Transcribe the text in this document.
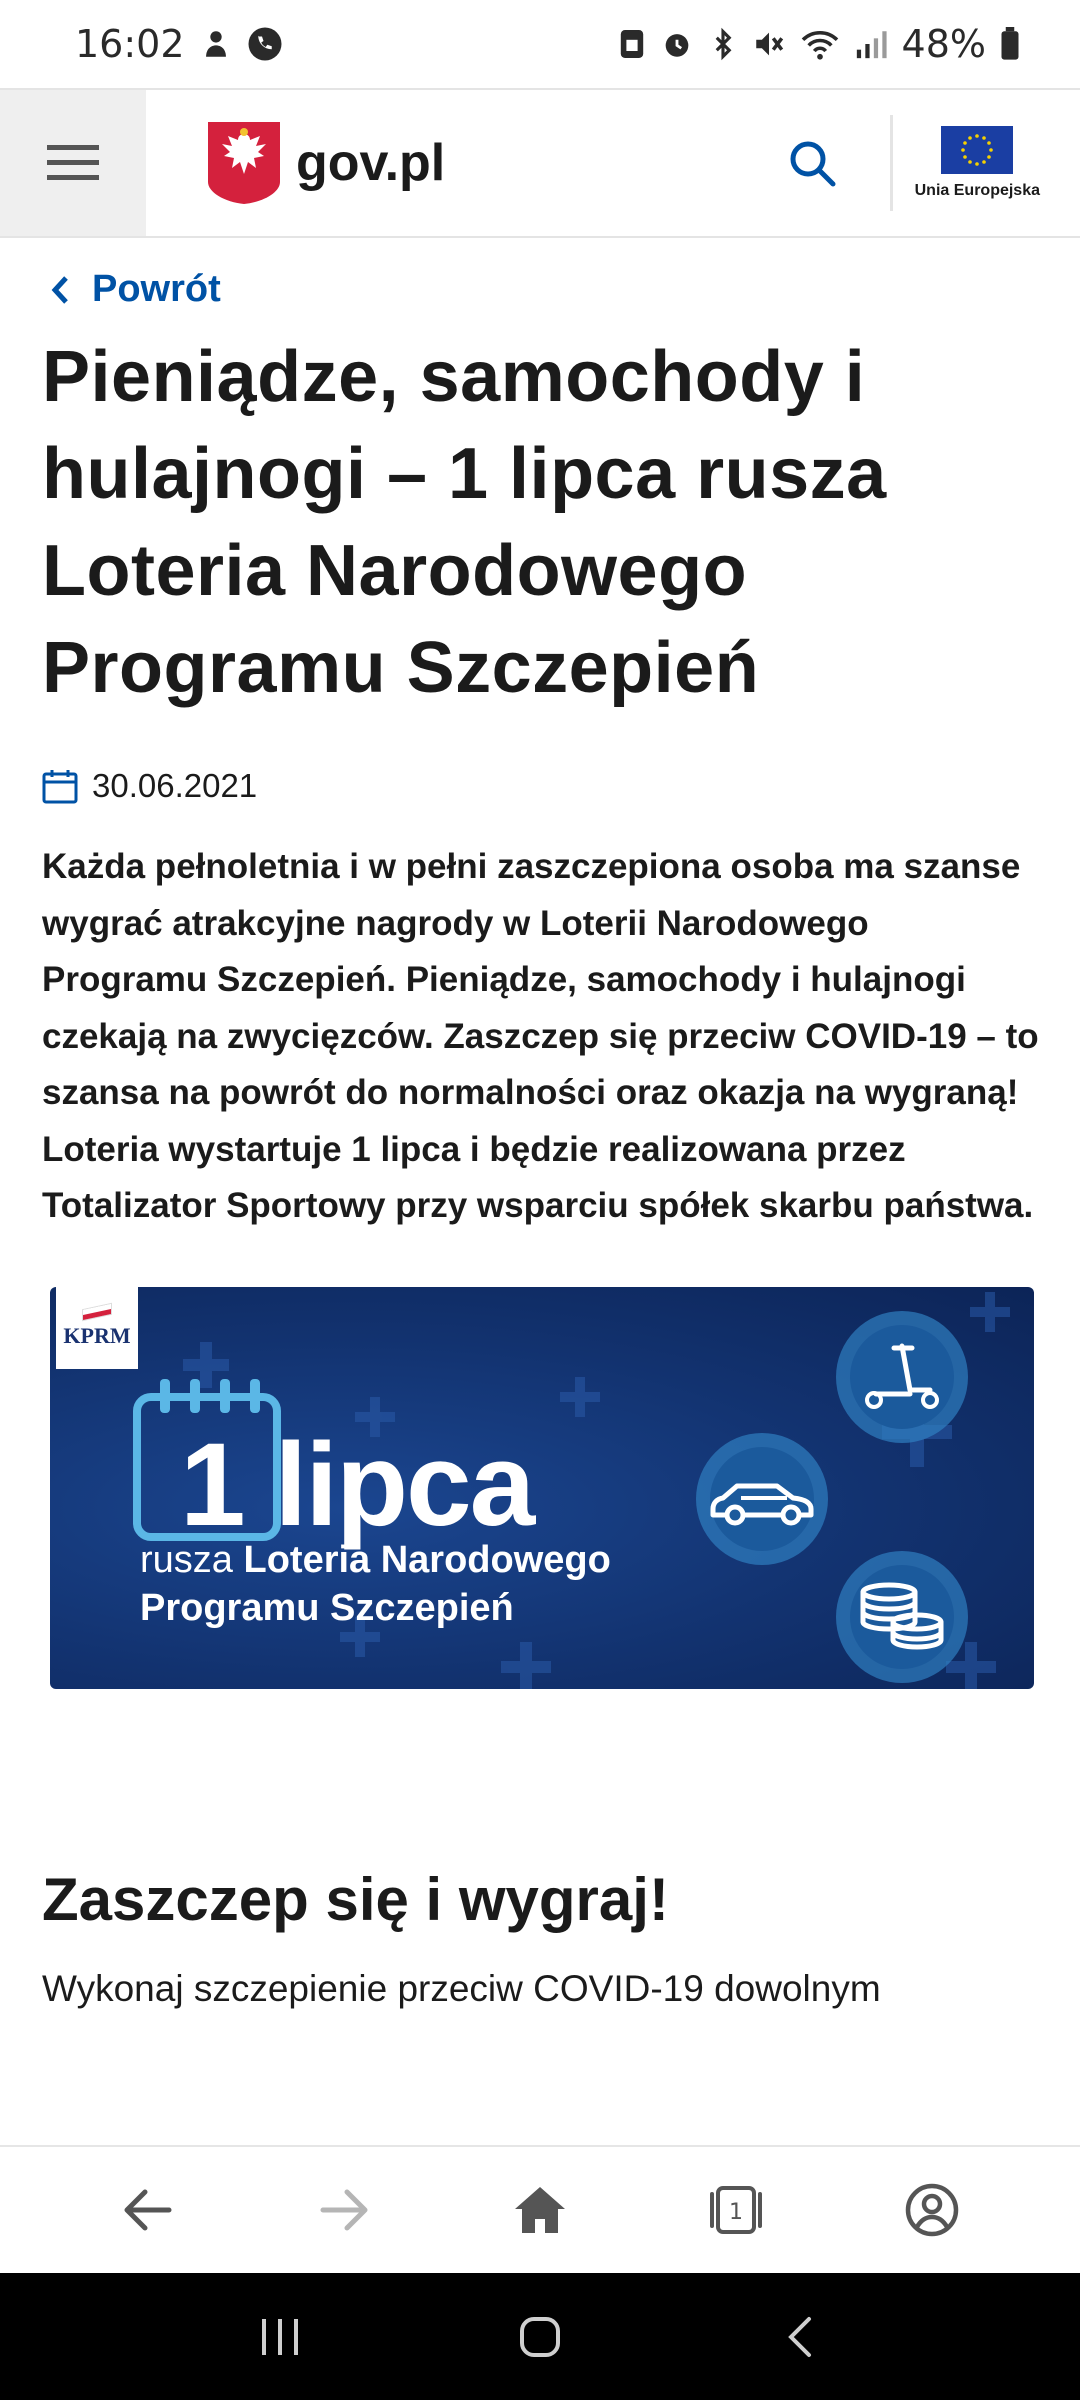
16:02	48%
gov.pl	Unia Europejska
Powrót
Pieniądze, samochody i hulajnogi – 1 lipca rusza Loteria Narodowego Programu Szczepień
30.06.2021

Każda pełnoletnia i w pełni zaszczepiona osoba ma szanse wygrać atrakcyjne nagrody w Loterii Narodowego Programu Szczepień. Pieniądze, samochody i hulajnogi czekają na zwycięzców. Zaszczep się przeciw COVID-19 – to szansa na powrót do normalności oraz okazja na wygraną! Loteria wystartuje 1 lipca i będzie realizowana przez Totalizator Sportowy przy wsparciu spółek skarbu państwa.

KPRM
1 lipca
rusza Loteria Narodowego
Programu Szczepień
Zaszczep się i wygraj!

Wykonaj szczepienie przeciw COVID-19 dowolnym

1
